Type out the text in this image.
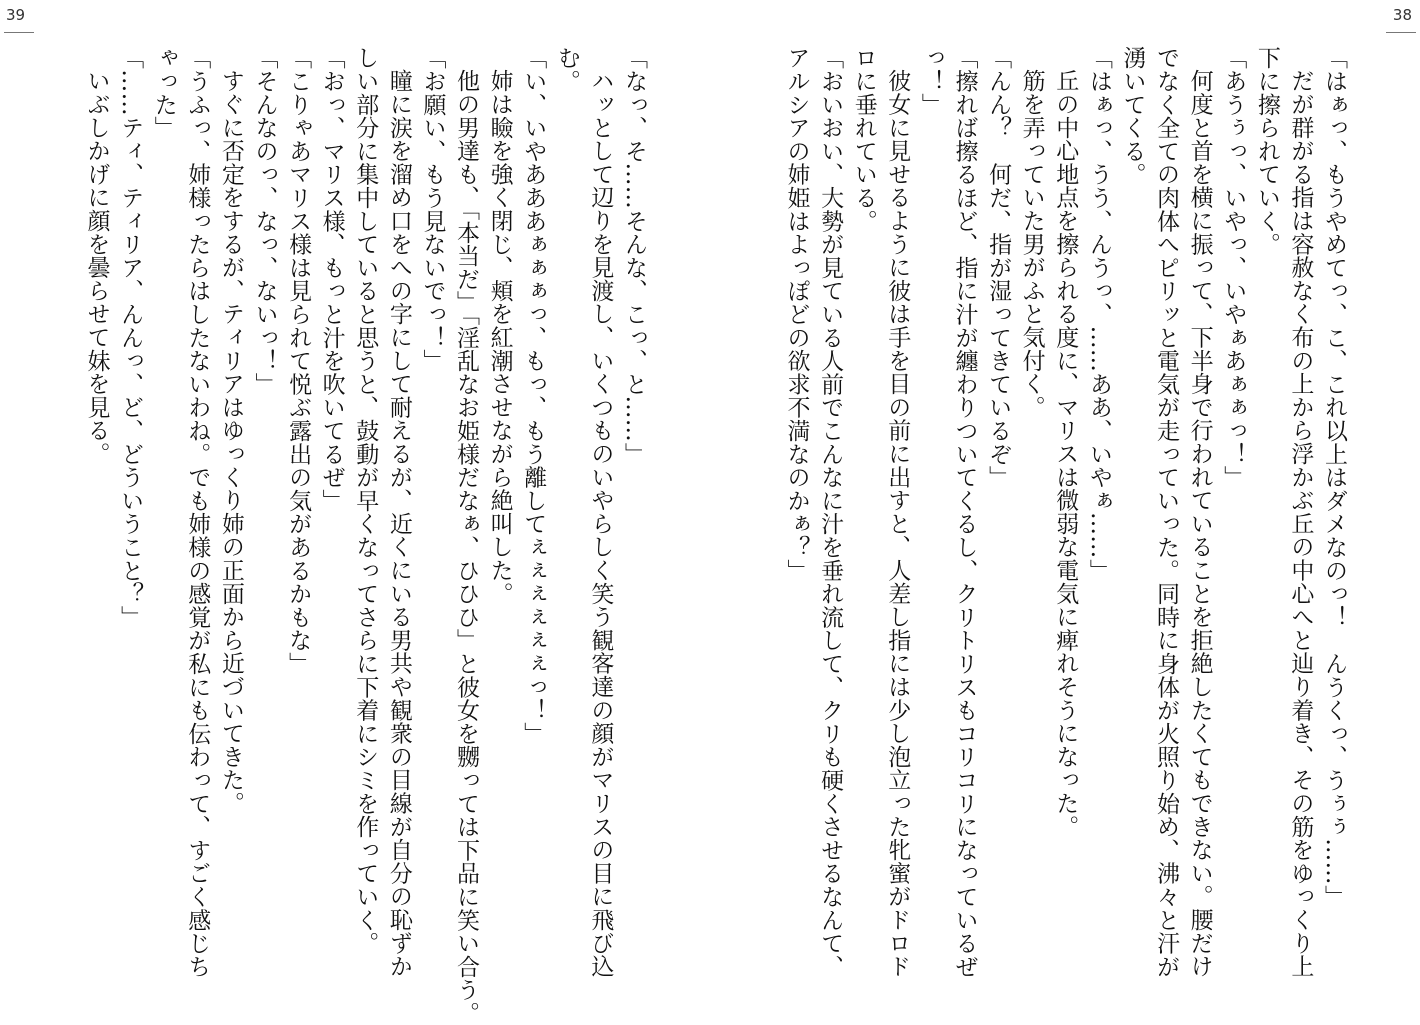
39
「なっ、そ……そんな、こっ、と……」
ハッとして辺りを見渡し、いくつものいやらしく笑う観客達の顔がマリスの目に飛び込
む。
「い、いやあああぁぁぁっ、もっ、もう離してぇぇぇぇぇぇっ！」
姉は瞼を強く閉じ、頬を紅潮させながら絶叫した。
他の男達も、「本当だ」「淫乱なお姫様だなぁ、ひひひ」と彼女を嬲っては下品に笑い合う。
「お願い、もう見ないでっ！」
瞳に涙を溜め口をへの字にして耐えるが、近くにいる男共や観衆の目線が自分の恥ずか
しい部分に集中していると思うと、鼓動が早くなってさらに下着にシミを作っていく。
「おっ、マリス様、もっと汁を吹いてるぜ」
「こりゃあマリス様は見られて悦ぶ露出の気があるかもな」
「そんなのっ、なっ、ないっ！」
すぐに否定をするが、ティリアはゆっくり姉の正面から近づいてきた。
「うふっ、姉様ったらはしたないわね。でも姉様の感覚が私にも伝わって、すごく感じち
ゃった」
「……ティ、ティリア、んんっ、ど、どういうこと？」
いぶしかげに顔を曇らせて妹を見る。
38
「はぁっ、もうやめてっ、こ、これ以上はダメなのっ！　んうくっ、うぅぅ……」
だが群がる指は容赦なく布の上から浮かぶ丘の中心へと辿り着き、その筋をゆっくり上
下に擦られていく。
「あうぅっ、いやっ、いやぁあぁぁっ！」
何度と首を横に振って、下半身で行われていることを拒絶したくてもできない。腰だけ
でなく全ての肉体へピリッと電気が走っていった。同時に身体が火照り始め、沸々と汗が
湧いてくる。
「はぁっ、うう、んうっ、……ああ、いやぁ……」
丘の中心地点を擦られる度に、マリスは微弱な電気に痺れそうになった。
筋を弄っていた男がふと気付く。
「んん？　何だ、指が湿ってきているぞ」
「擦れば擦るほど、指に汁が纏わりついてくるし、クリトリスもコリコリになっているぜ
っ！」
彼女に見せるように彼は手を目の前に出すと、人差し指には少し泡立った牝蜜がドロド
ロに垂れている。
「おいおい、大勢が見ている人前でこんなに汁を垂れ流して、クリも硬くさせるなんて、
アルシアの姉姫はよっぽどの欲求不満なのかぁ？」
